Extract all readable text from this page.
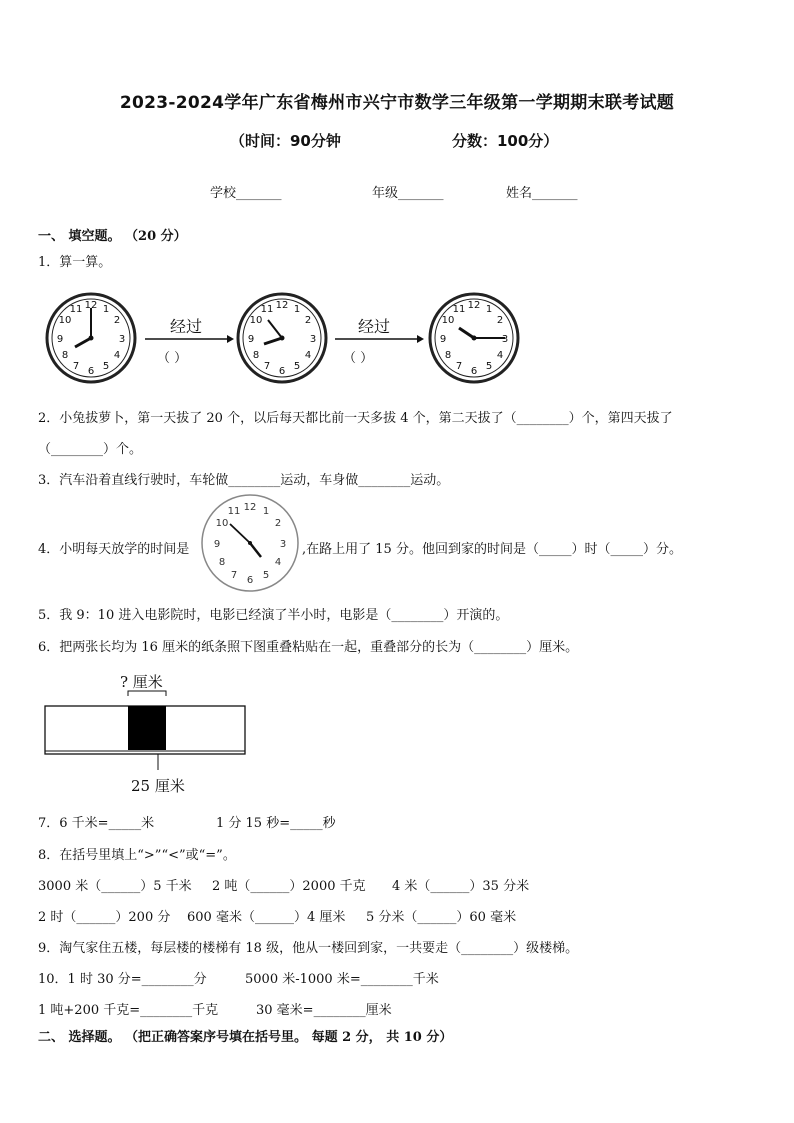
2023-2024学年广东省梅州市兴宁市数学三年级第一学期期末联考试题
（时间：90分钟	分数：100分）
学校_______	年级_______	姓名_______
一、 填空题。 （20 分）
1．算一算。
12 1
2
3
4
5
6
7
8
9
10
11
经过
（ ）
12 1
2
3
4
5
6
7
8
9
10
11
经过
（ ）
12 1
2
3
4
5
6
7
8
9
10
11
2．小兔拔萝卜，第一天拔了 20 个，以后每天都比前一天多拔 4 个，第二天拔了（________）个，第四天拔了
（________）个。
3．汽车沿着直线行驶时，车轮做________运动，车身做________运动。
4．小明每天放学的时间是
12 1
2
3
4
5
6
7
8
9
10
11
,在路上用了 15 分。他回到家的时间是（_____）时（_____）分。
5．我 9：10 进入电影院时，电影已经演了半小时，电影是（________）开演的。
6．把两张长均为 16 厘米的纸条照下图重叠粘贴在一起，重叠部分的长为（________）厘米。
? 厘米
25 厘米
7．6 千米=_____米	1 分 15 秒=_____秒
8．在括号里填上“>”“<”或“=”。
3000 米（______）5 千米 2 吨（______）2000 千克 4 米（______）35 分米
2 时（______）200 分 600 毫米（______）4 厘米 5 分米（______）60 毫米
9．淘气家住五楼，每层楼的楼梯有 18 级，他从一楼回到家，一共要走（________）级楼梯。
10．1 时 30 分=________分	5000 米-1000 米=________千米
1 吨+200 千克=________千克	30 毫米=________厘米
二、 选择题。 （把正确答案序号填在括号里。 每题 2 分， 共 10 分）
